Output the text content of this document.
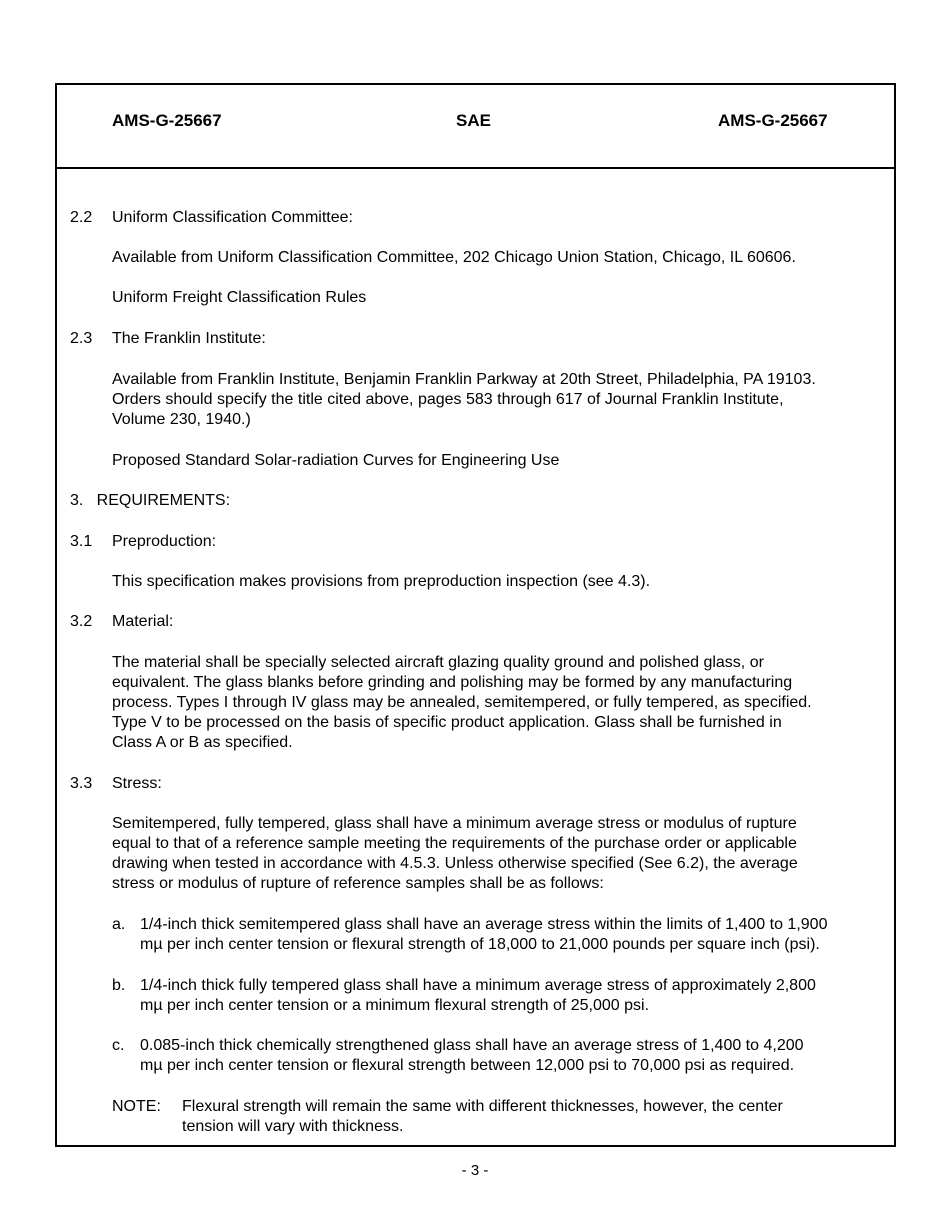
AMS-G-25667	SAE	AMS-G-25667
2.2 Uniform Classification Committee:
Available from Uniform Classification Committee, 202 Chicago Union Station, Chicago, IL 60606.
Uniform Freight Classification Rules
2.3 The Franklin Institute:
Available from Franklin Institute, Benjamin Franklin Parkway at 20th Street, Philadelphia, PA 19103.
Orders should specify the title cited above, pages 583 through 617 of Journal Franklin Institute,
Volume 230, 1940.)
Proposed Standard Solar-radiation Curves for Engineering Use
3.   REQUIREMENTS:
3.1 Preproduction:
This specification makes provisions from preproduction inspection (see 4.3).
3.2 Material:
The material shall be specially selected aircraft glazing quality ground and polished glass, or
equivalent. The glass blanks before grinding and polishing may be formed by any manufacturing
process. Types I through IV glass may be annealed, semitempered, or fully tempered, as specified.
Type V to be processed on the basis of specific product application. Glass shall be furnished in
Class A or B as specified.
3.3 Stress:
Semitempered, fully tempered, glass shall have a minimum average stress or modulus of rupture
equal to that of a reference sample meeting the requirements of the purchase order or applicable
drawing when tested in accordance with 4.5.3. Unless otherwise specified (See 6.2), the average
stress or modulus of rupture of reference samples shall be as follows:
a. 1/4-inch thick semitempered glass shall have an average stress within the limits of 1,400 to 1,900
mµ per inch center tension or flexural strength of 18,000 to 21,000 pounds per square inch (psi).
b. 1/4-inch thick fully tempered glass shall have a minimum average stress of approximately 2,800
mµ per inch center tension or a minimum flexural strength of 25,000 psi.
c. 0.085-inch thick chemically strengthened glass shall have an average stress of 1,400 to 4,200
mµ per inch center tension or flexural strength between 12,000 psi to 70,000 psi as required.
NOTE: Flexural strength will remain the same with different thicknesses, however, the center
tension will vary with thickness.
- 3 -
